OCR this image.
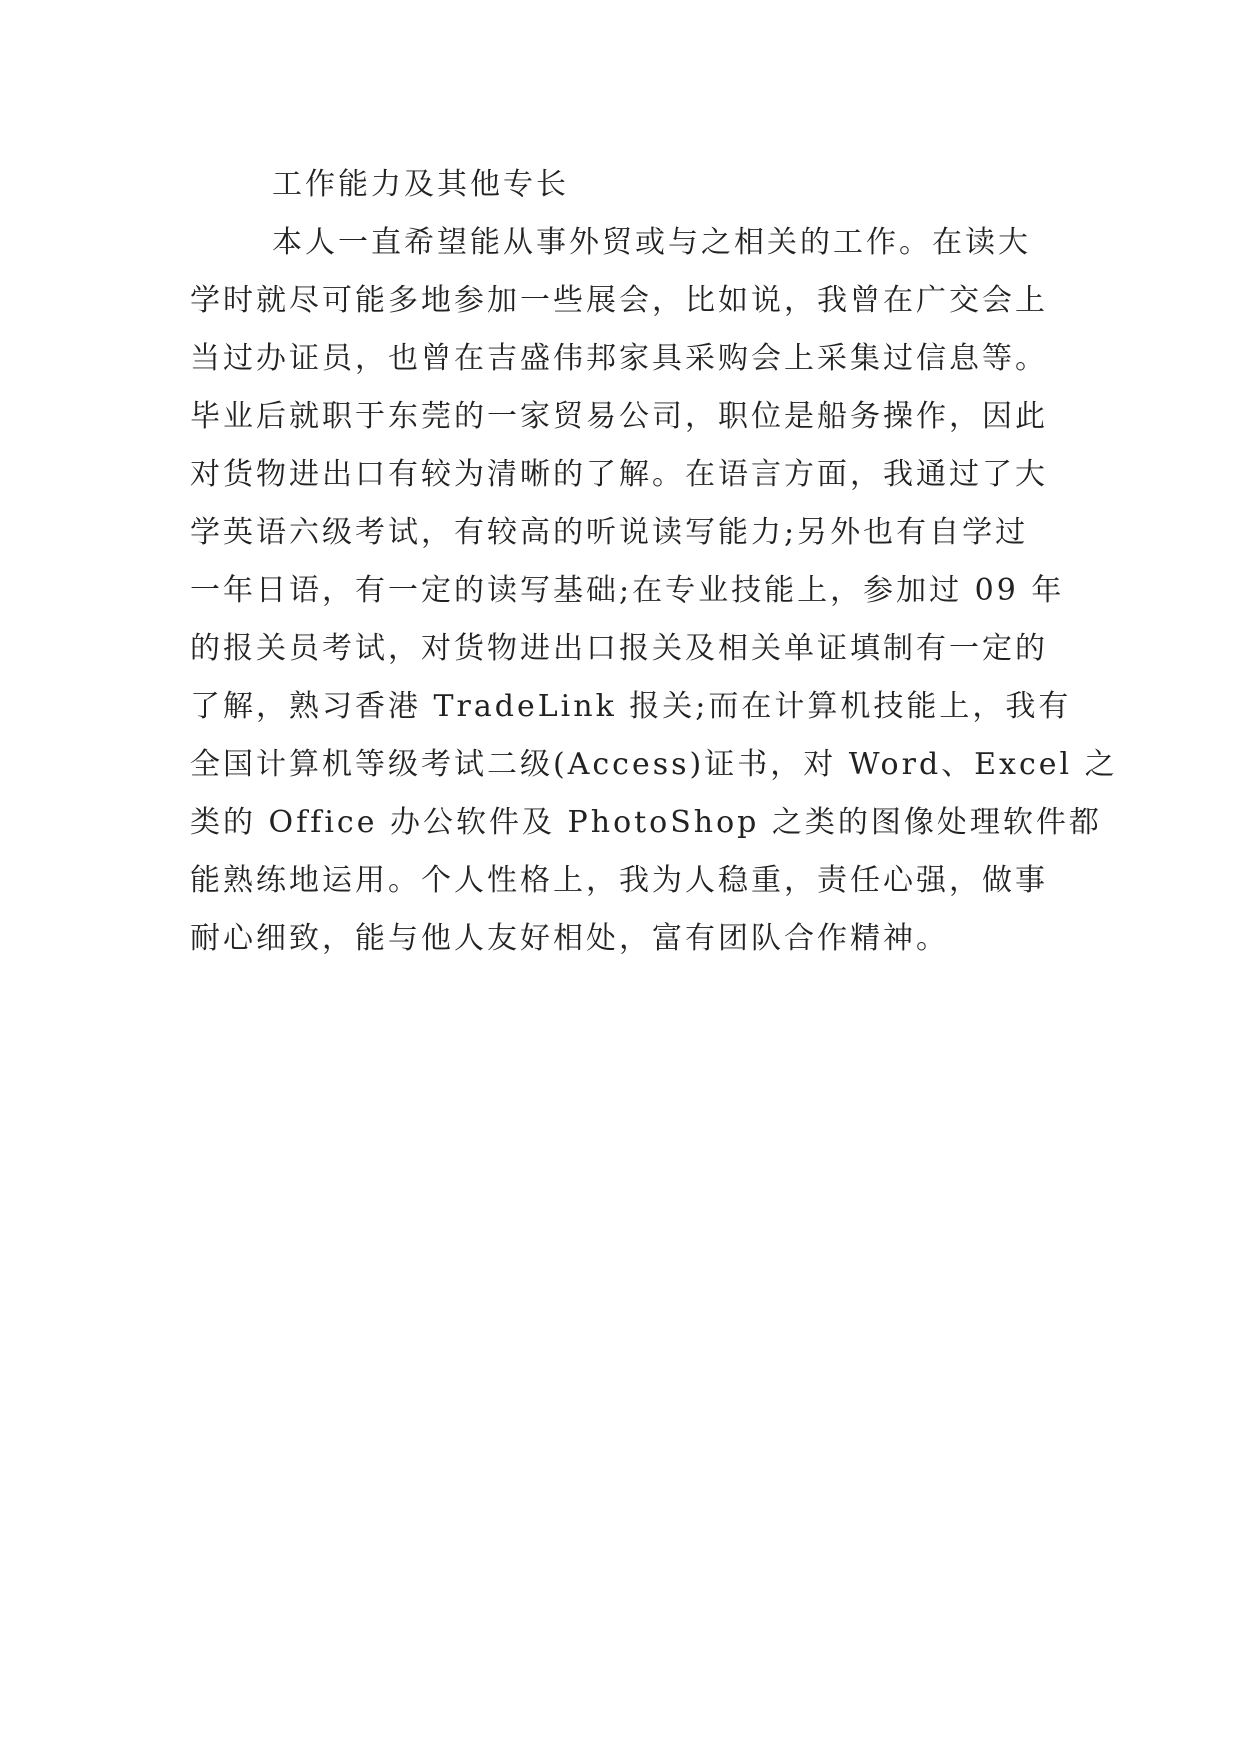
工作能力及其他专长
本人一直希望能从事外贸或与之相关的工作。在读大
学时就尽可能多地参加一些展会，比如说，我曾在广交会上
当过办证员，也曾在吉盛伟邦家具采购会上采集过信息等。
毕业后就职于东莞的一家贸易公司，职位是船务操作，因此
对货物进出口有较为清晰的了解。在语言方面，我通过了大
学英语六级考试，有较高的听说读写能力;另外也有自学过
一年日语，有一定的读写基础;在专业技能上，参加过 09 年
的报关员考试，对货物进出口报关及相关单证填制有一定的
了解，熟习香港 TradeLink 报关;而在计算机技能上，我有
全国计算机等级考试二级(Access)证书，对 Word、Excel 之
类的 Office 办公软件及 PhotoShop 之类的图像处理软件都
能熟练地运用。个人性格上，我为人稳重，责任心强，做事
耐心细致，能与他人友好相处，富有团队合作精神。
